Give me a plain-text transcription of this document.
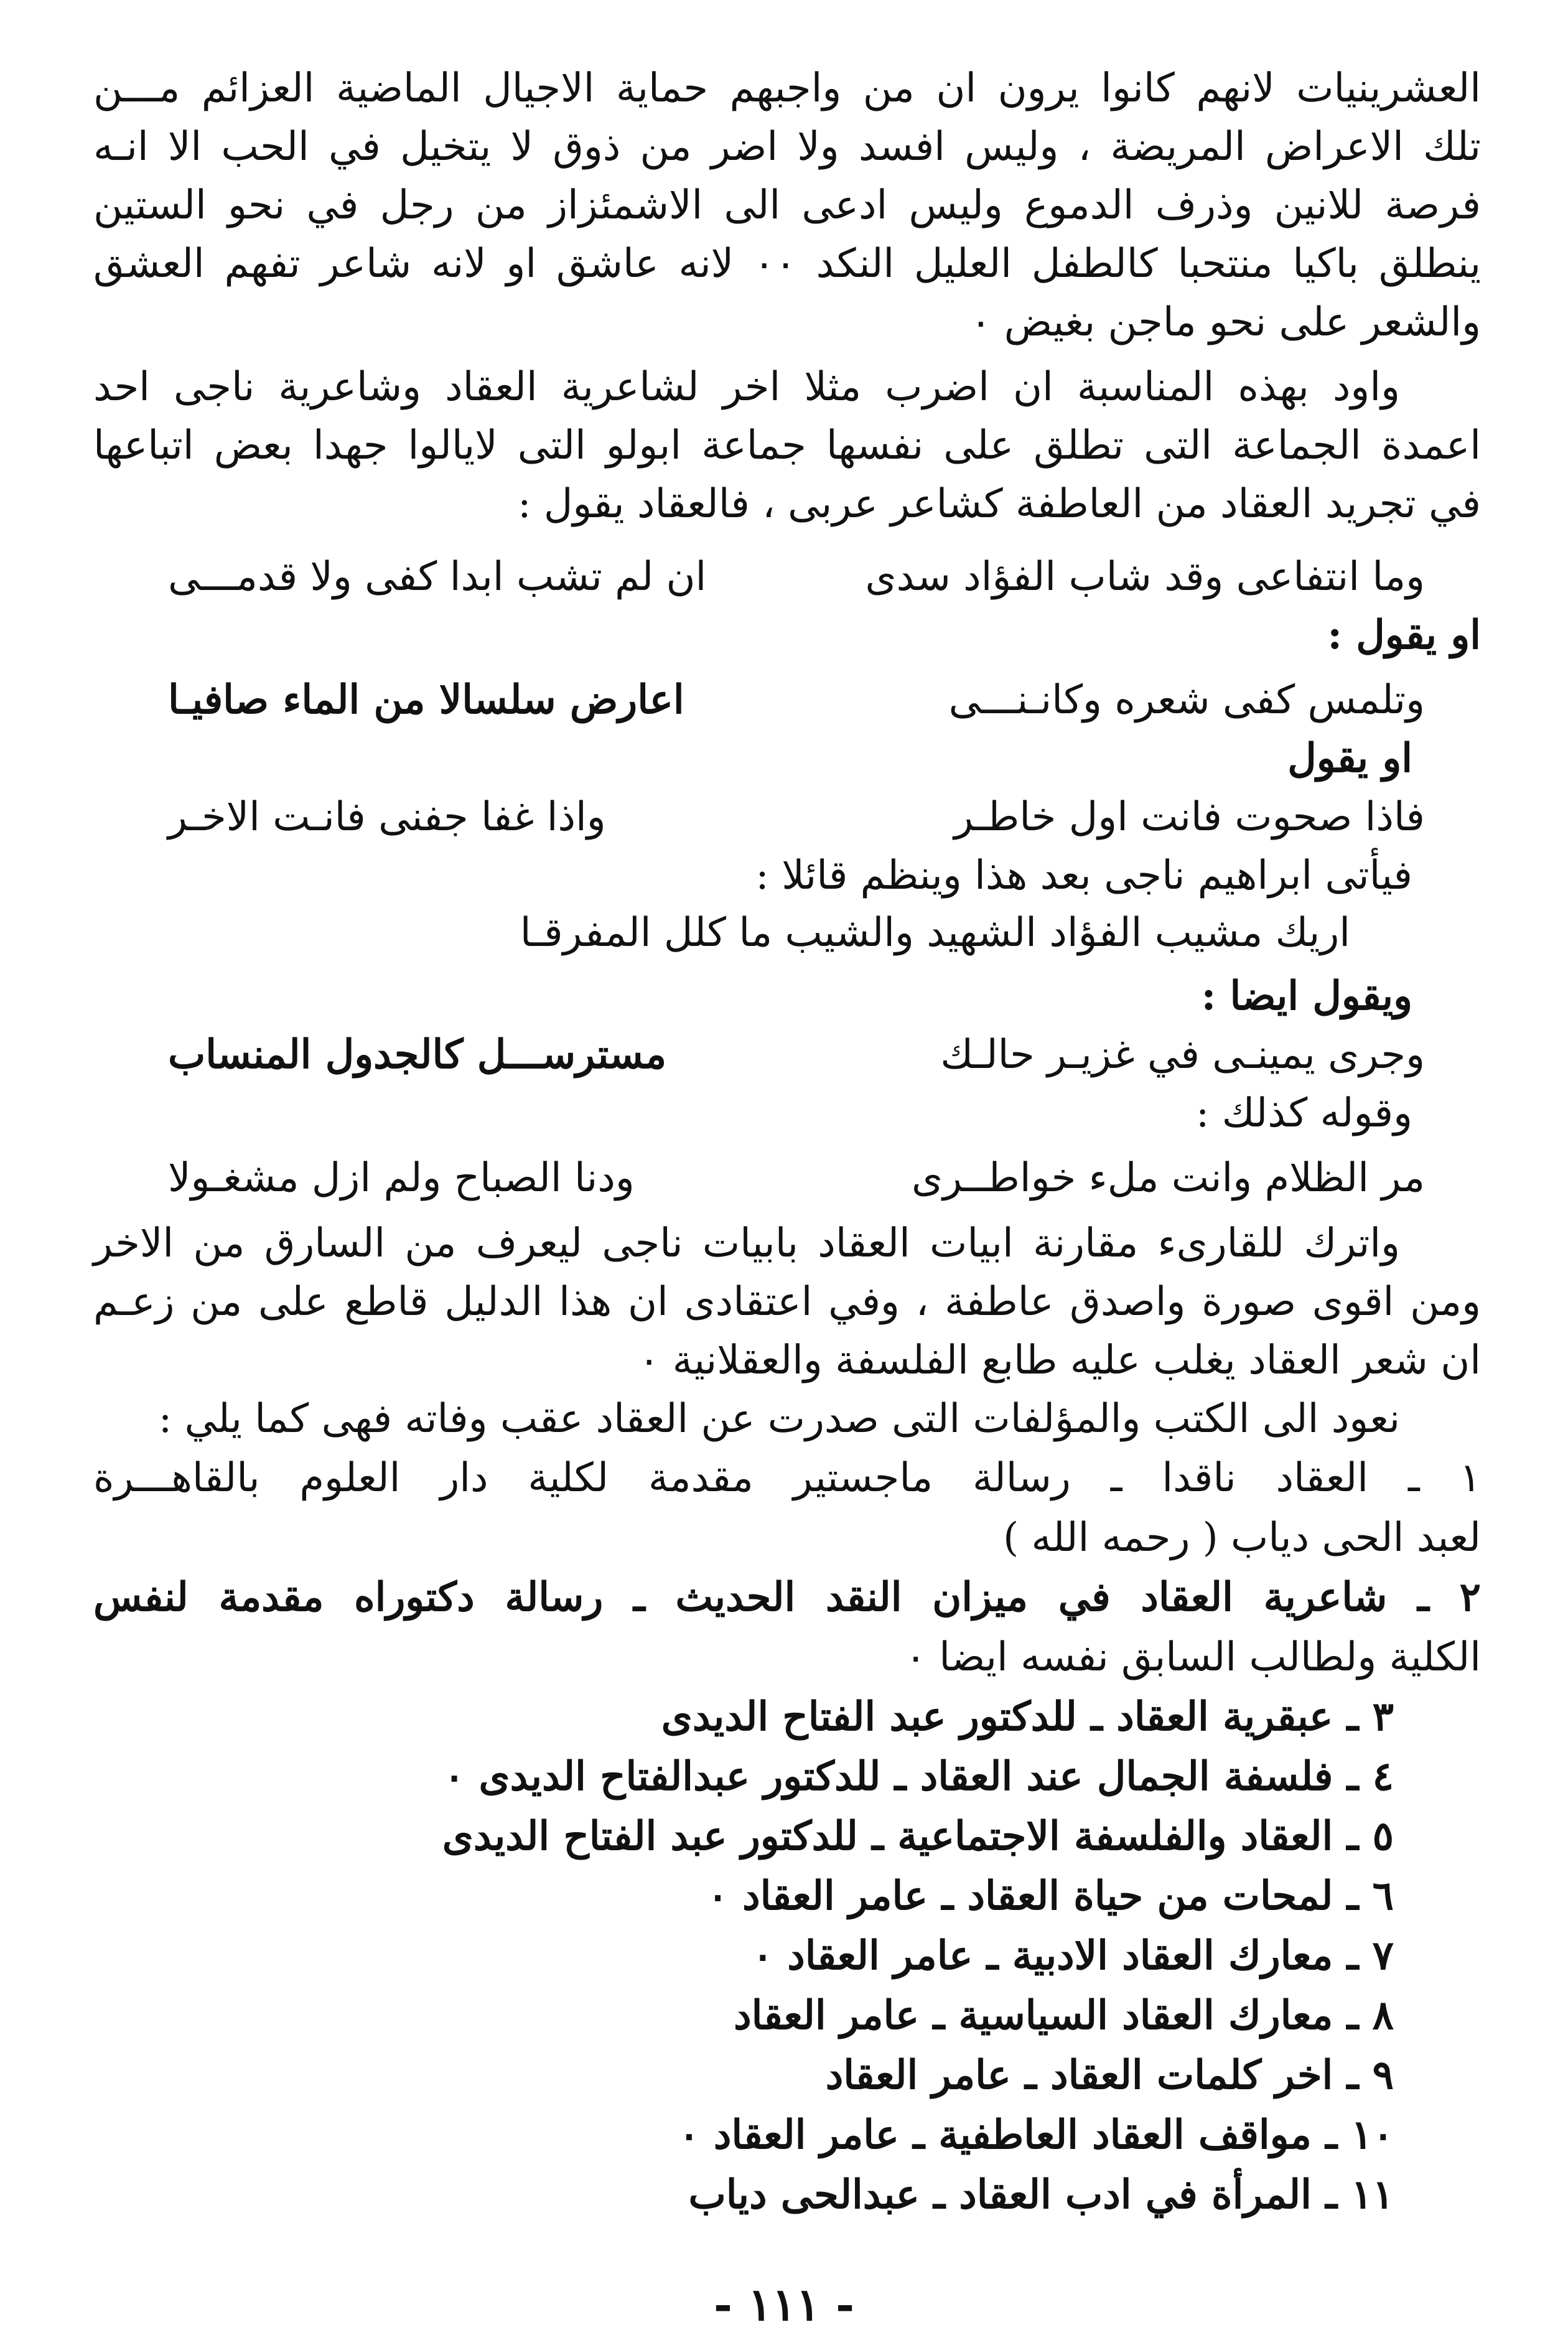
العشرينيات لانهم كانوا يرون ان من واجبهم حماية الاجيال الماضية العزائم مـــن
تلك الاعراض المريضة ، وليس افسد ولا اضر من ذوق لا يتخيل في الحب الا انـه
فرصة للانين وذرف الدموع وليس ادعى الى الاشمئزاز من رجل في نحو الستين
ينطلق باكيا منتحبا كالطفل العليل النكد ٠٠ لانه عاشق او لانه شاعر تفهم العشق
والشعر على نحو ماجن بغيض ٠
واود بهذه المناسبة ان اضرب مثلا اخر لشاعرية العقاد وشاعرية ناجى احد
اعمدة الجماعة التى تطلق على نفسها جماعة ابولو التى لايالوا جهدا بعض اتباعها
في تجريد العقاد من العاطفة كشاعر عربى ، فالعقاد يقول :
وما انتفاعى وقد شاب الفؤاد سدى
ان لم تشب ابدا كفى ولا قدمـــى
او يقول :
وتلمس كفى شعره وكانـنـــى
اعارض سلسالا من الماء صافيـا
او يقول
فاذا صحوت فانت اول خاطـر
واذا غفا جفنى فانـت الاخـر
فيأتى ابراهيم ناجى بعد هذا وينظم قائلا :
اريك مشيب الفؤاد الشهيد والشيب ما كلل المفرقـا
ويقول ايضا :
وجرى يمينـى في غزيـر حالـك
مسترســـل كالجدول المنساب
وقوله كذلك :
مر الظلام وانت ملء خواطــرى
ودنا الصباح ولم ازل مشغـولا
واترك للقارىء مقارنة ابيات العقاد بابيات ناجى ليعرف من السارق من الاخر
ومن اقوى صورة واصدق عاطفة ، وفي اعتقادى ان هذا الدليل قاطع على من زعـم
ان شعر العقاد يغلب عليه طابع الفلسفة والعقلانية ٠
نعود الى الكتب والمؤلفات التى صدرت عن العقاد عقب وفاته فهى كما يلي :
١ ـ العقاد ناقدا ـ رسالة ماجستير مقدمة لكلية دار العلوم بالقاهـــرة
لعبد الحى دياب ( رحمه الله )
٢ ـ شاعرية العقاد في ميزان النقد الحديث ـ رسالة دكتوراه مقدمة لنفس
الكلية ولطالب السابق نفسه ايضا ٠
٣ ـ عبقرية العقاد ـ للدكتور عبد الفتاح الديدى
٤ ـ فلسفة الجمال عند العقاد ـ للدكتور عبدالفتاح الديدى ٠
٥ ـ العقاد والفلسفة الاجتماعية ـ للدكتور عبد الفتاح الديدى
٦ ـ لمحات من حياة العقاد ـ عامر العقاد ٠
٧ ـ معارك العقاد الادبية ـ عامر العقاد ٠
٨ ـ معارك العقاد السياسية ـ عامر العقاد
٩ ـ اخر كلمات العقاد ـ عامر العقاد
١٠ ـ مواقف العقاد العاطفية ـ عامر العقاد ٠
١١ ـ المرأة في ادب العقاد ـ عبدالحى دياب
- ١١١ -
